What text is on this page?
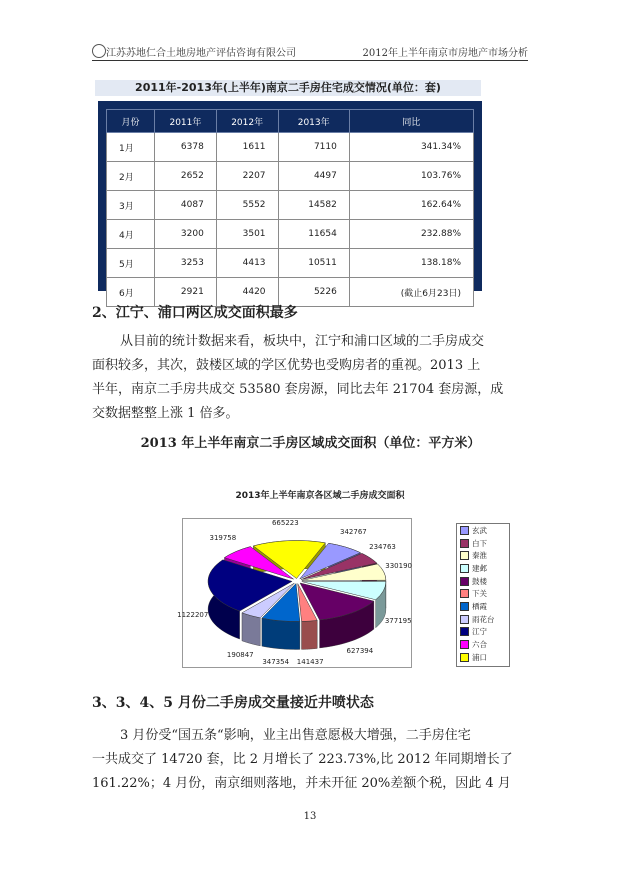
江苏苏地仁合土地房地产评估咨询有限公司	2012年上半年南京市房地产市场分析
2011年-2013年(上半年)南京二手房住宅成交情况(单位：套)
月份	2011年	2012年	2013年	同比
1月	6378	1611	7110	341.34%
2月	2652	2207	4497	103.76%
3月	4087	5552	14582	162.64%
4月	3200	3501	11654	232.88%
5月	3253	4413	10511	138.18%
6月	2921	4420	5226	(截止6月23日)
2、江宁、浦口两区成交面积最多
从目前的统计数据来看，板块中，江宁和浦口区域的二手房成交
面积较多，其次，鼓楼区域的学区优势也受购房者的重视。2013 上
半年，南京二手房共成交 53580 套房源，同比去年 21704 套房源，成
交数据整整上涨 1 倍多。
2013 年上半年南京二手房区域成交面积（单位：平方米）
2013年上半年南京各区域二手房成交面积
342767
234763
330190
377195
627394
141437
347354
190847
1122207
319758
665223
玄武
白下
秦淮
建邺
鼓楼
下关
栖霞
雨花台
江宁
六合
浦口
3、3、4、5 月份二手房成交量接近井喷状态
3 月份受“国五条“影响，业主出售意愿极大增强，二手房住宅
一共成交了 14720 套，比 2 月增长了 223.73%,比 2012 年同期增长了
161.22%；4 月份，南京细则落地，并未开征 20%差额个税，因此 4 月
13
